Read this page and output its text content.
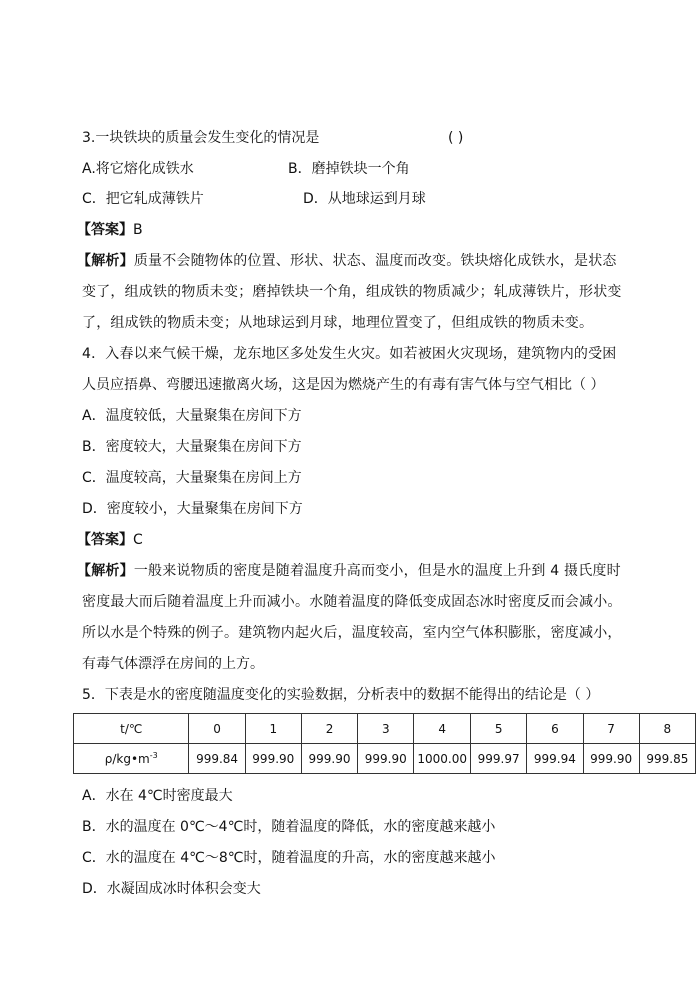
3.一块铁块的质量会发生变化的情况是	( )
A.将它熔化成铁水	B．磨掉铁块一个角
C．把它轧成薄铁片	D．从地球运到月球
【答案】B
【解析】质量不会随物体的位置、形状、状态、温度而改变。铁块熔化成铁水，是状态
变了，组成铁的物质未变；磨掉铁块一个角，组成铁的物质减少；轧成薄铁片，形状变
了，组成铁的物质未变；从地球运到月球，地理位置变了，但组成铁的物质未变。
4．入春以来气候干燥，龙东地区多处发生火灾。如若被困火灾现场，建筑物内的受困
人员应捂鼻、弯腰迅速撤离火场，这是因为燃烧产生的有毒有害气体与空气相比（ ）
A．温度较低，大量聚集在房间下方
B．密度较大，大量聚集在房间下方
C．温度较高，大量聚集在房间上方
D．密度较小，大量聚集在房间下方
【答案】C
【解析】一般来说物质的密度是随着温度升高而变小，但是水的温度上升到 4 摄氏度时
密度最大而后随着温度上升而减小。水随着温度的降低变成固态冰时密度反而会减小。
所以水是个特殊的例子。建筑物内起火后，温度较高，室内空气体积膨胀，密度减小，
有毒气体漂浮在房间的上方。
5．下表是水的密度随温度变化的实验数据，分析表中的数据不能得出的结论是（ ）
t/℃	0	1	2	3	4	5	6	7	8
$\rho/kg•m^{-3}$	999.84	999.90	999.90	999.90	1000.00	999.97	999.94	999.90	999.85
A．水在 4℃时密度最大
B．水的温度在 0℃～4℃时，随着温度的降低，水的密度越来越小
C．水的温度在 4℃～8℃时，随着温度的升高，水的密度越来越小
D．水凝固成冰时体积会变大
